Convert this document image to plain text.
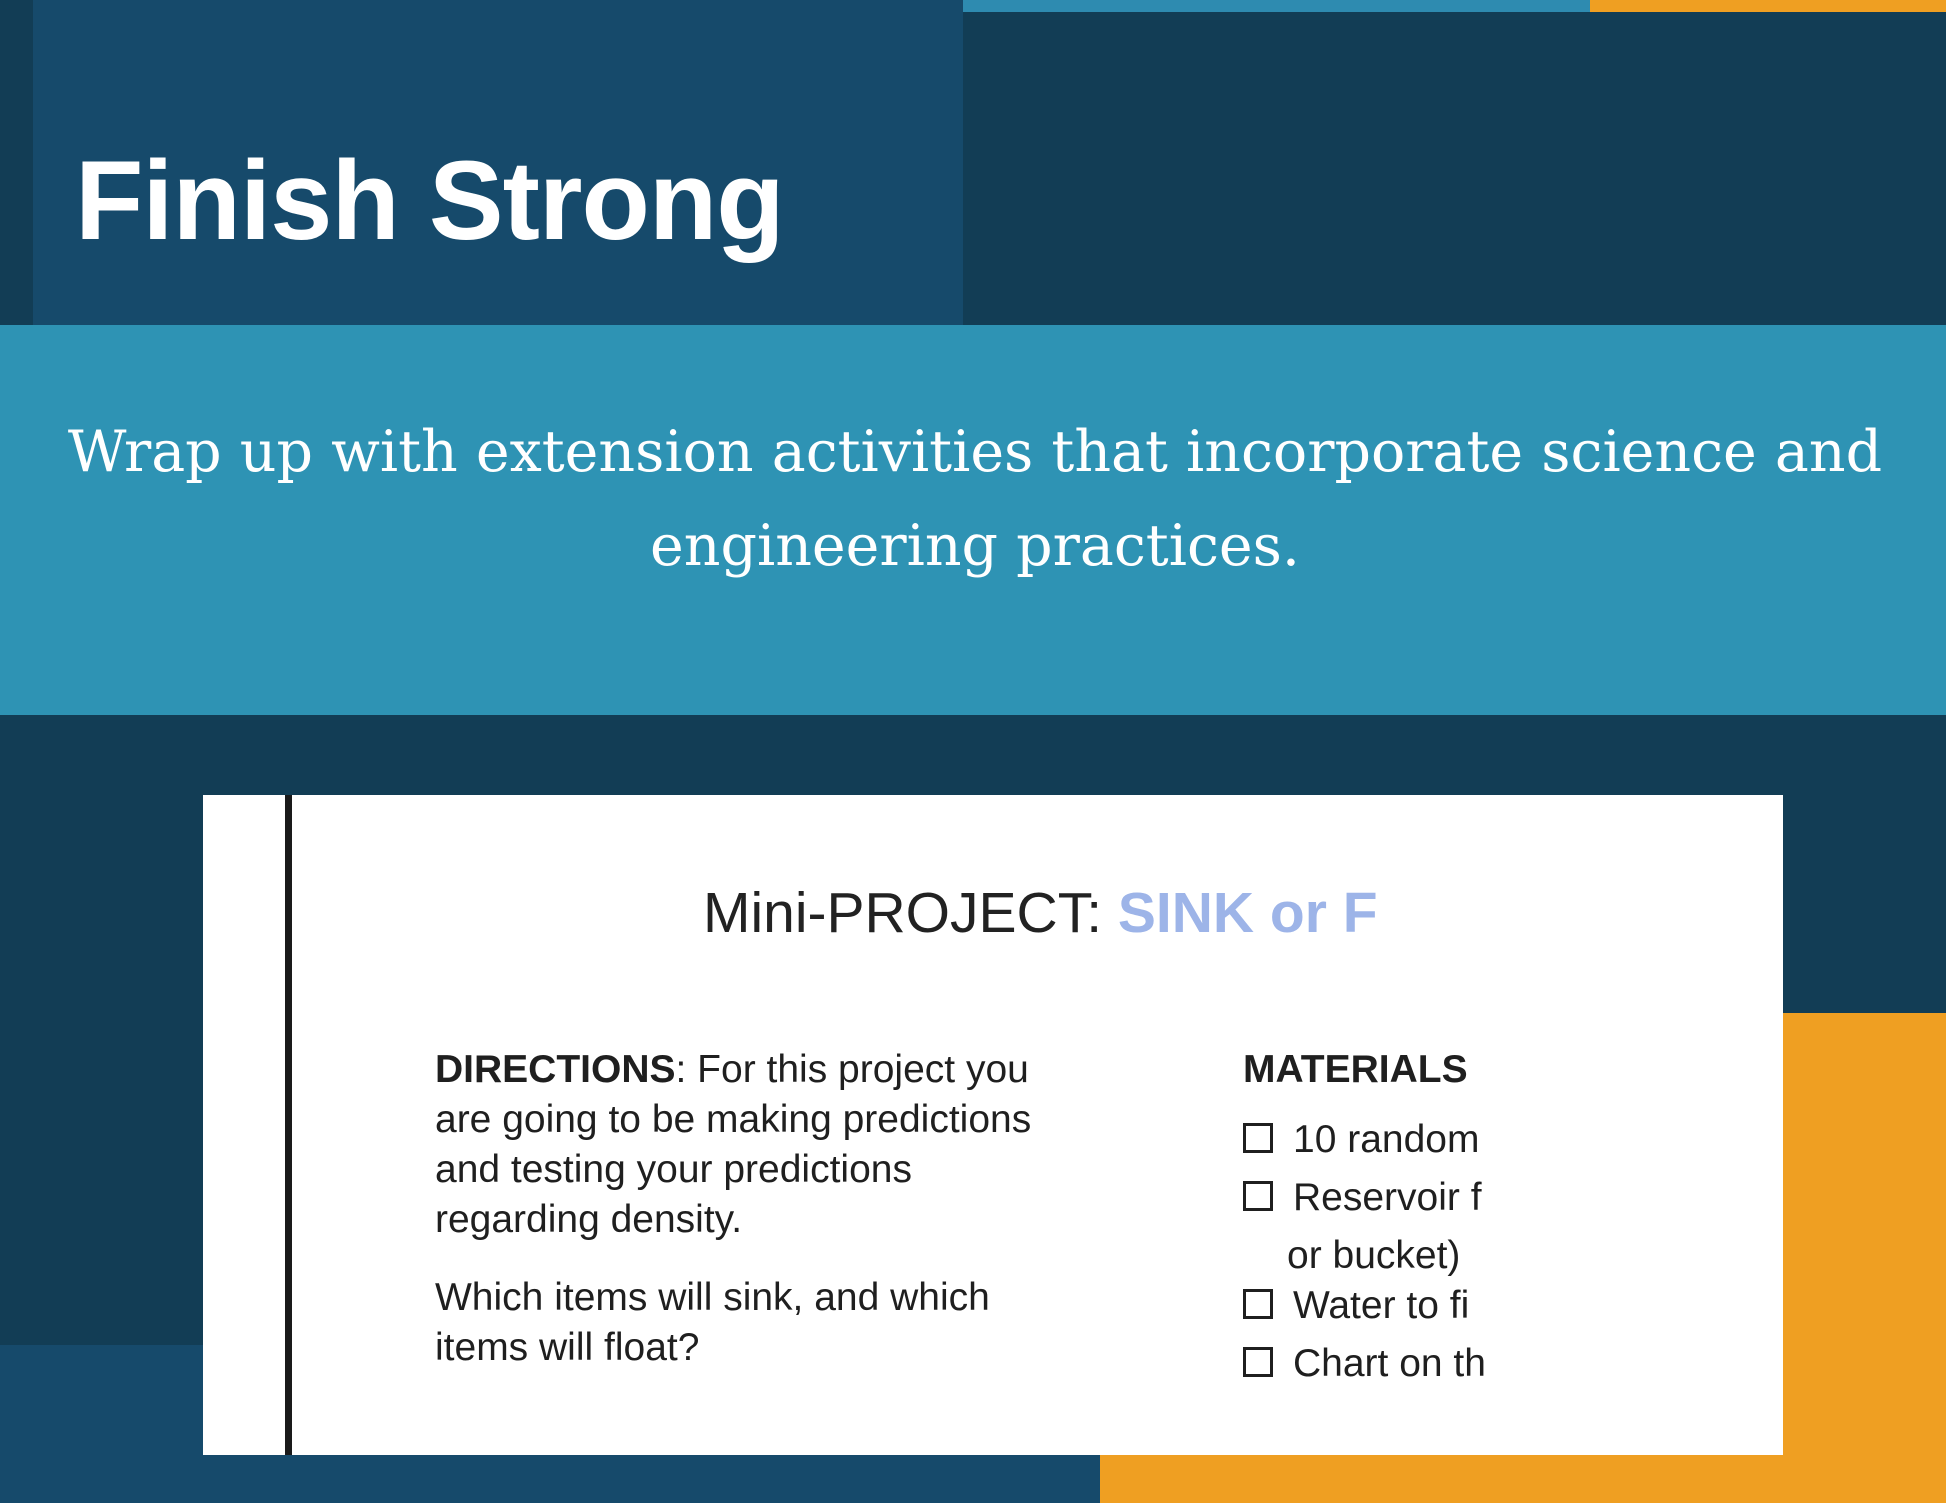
Finish Strong
Wrap up with extension activities that incorporate science and engineering practices.
Mini-PROJECT: SINK or F

DIRECTIONS: For this project you are going to be making predictions and testing your predictions regarding density.

Which items will sink, and which items will float?

MATERIALS
10 random
Reservoir f
or bucket)
Water to fi
Chart on th
